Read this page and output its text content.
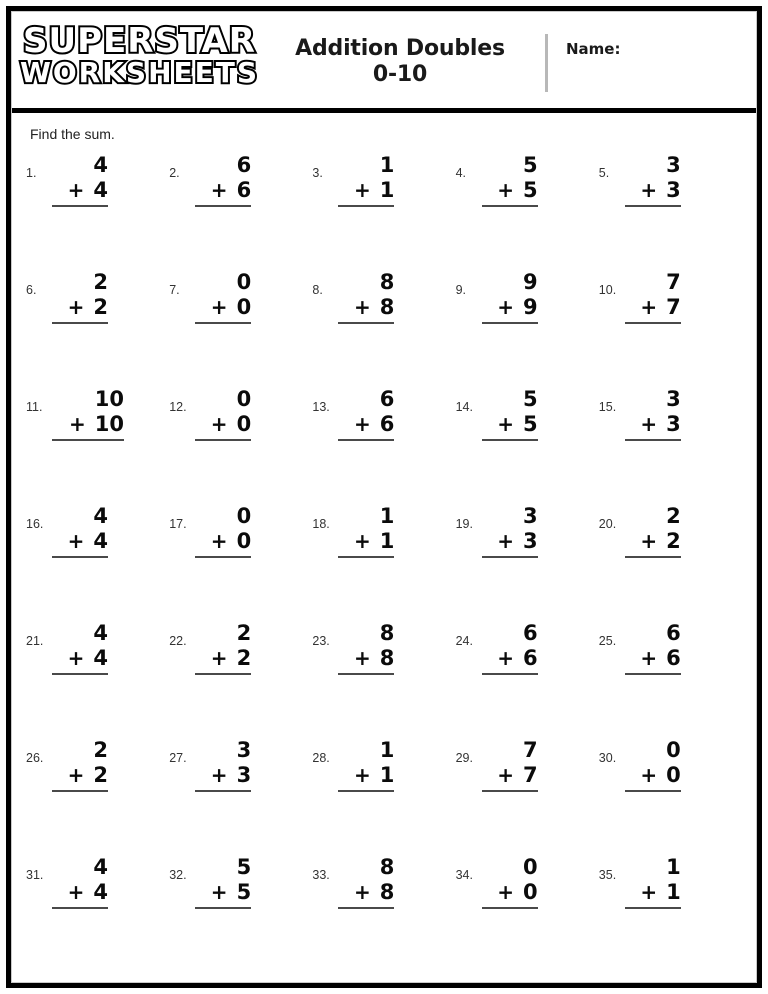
SUPERSTAR
WORKSHEETS
Addition Doubles
0-10
Name:
Find the sum.
1.	4
+ 4
2.	6
+ 6
3.	1
+ 1
4.	5
+ 5
5.	3
+ 3
6.	2
+ 2
7.	0
+ 0
8.	8
+ 8
9.	9
+ 9
10.	7
+ 7
11.	10
+ 10
12.	0
+ 0
13.	6
+ 6
14.	5
+ 5
15.	3
+ 3
16.	4
+ 4
17.	0
+ 0
18.	1
+ 1
19.	3
+ 3
20.	2
+ 2
21.	4
+ 4
22.	2
+ 2
23.	8
+ 8
24.	6
+ 6
25.	6
+ 6
26.	2
+ 2
27.	3
+ 3
28.	1
+ 1
29.	7
+ 7
30.	0
+ 0
31.	4
+ 4
32.	5
+ 5
33.	8
+ 8
34.	0
+ 0
35.	1
+ 1
